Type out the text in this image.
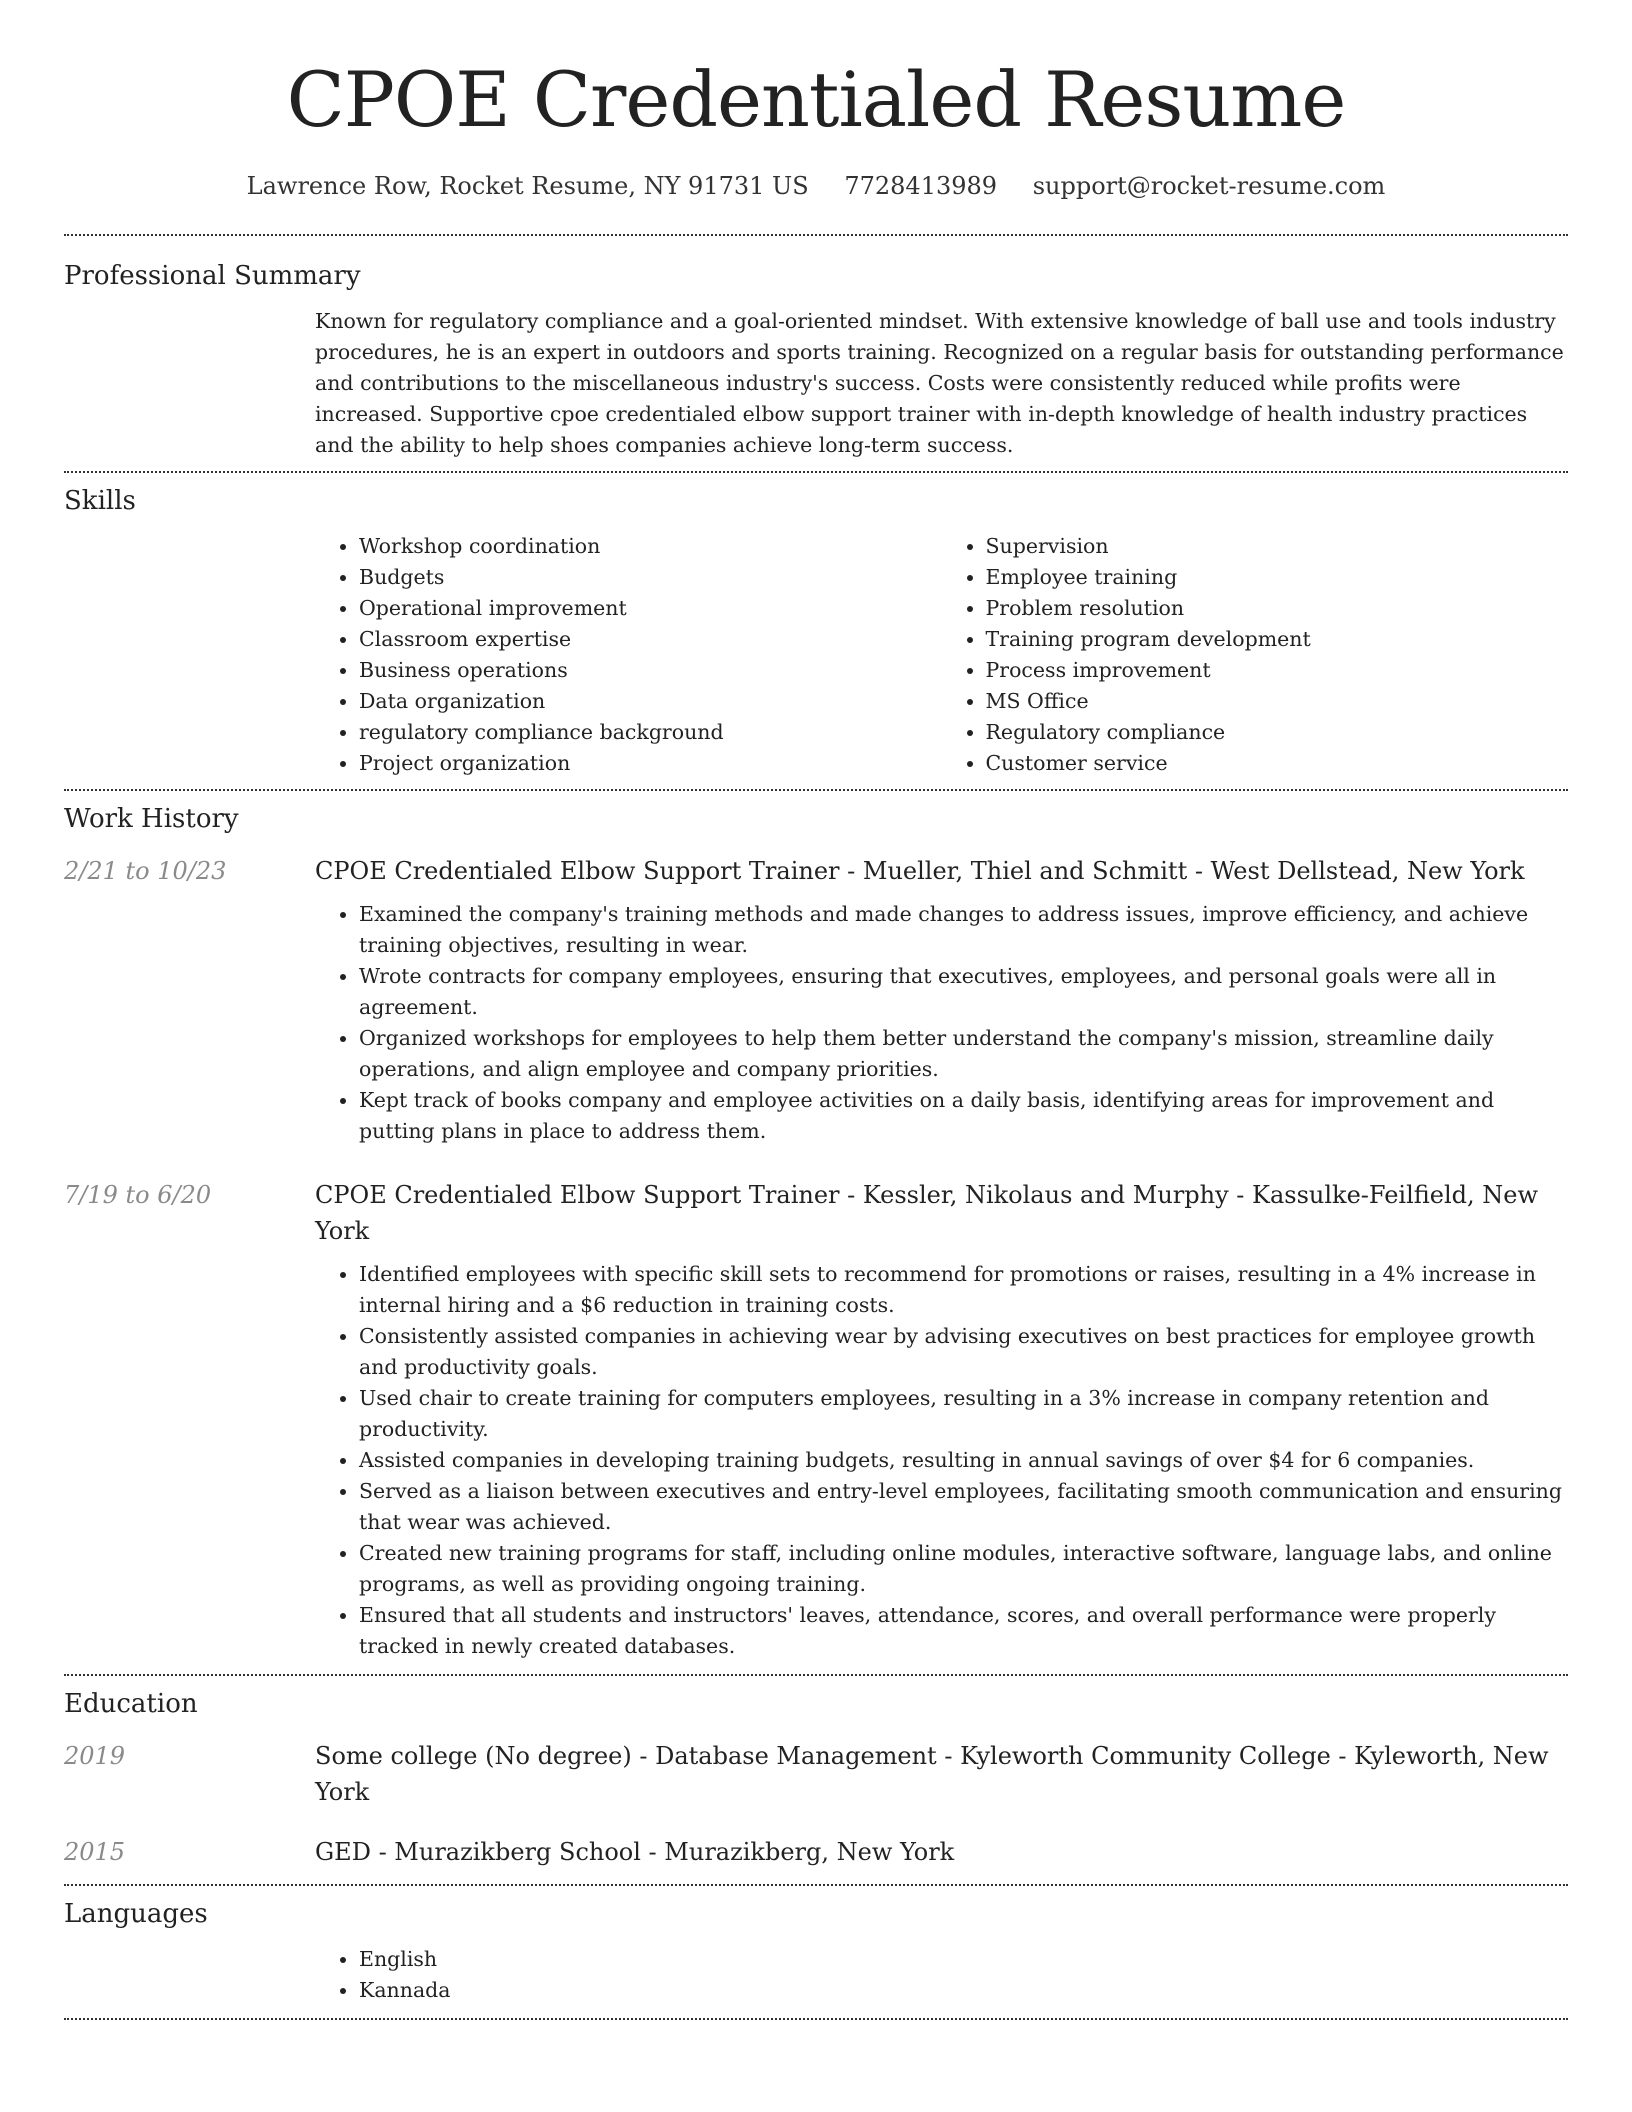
CPOE Credentialed Resume
Lawrence Row, Rocket Resume, NY 91731 US 7728413989 support@rocket-resume.com
Professional Summary

Known for regulatory compliance and a goal-oriented mindset. With extensive knowledge of ball use and tools industry procedures, he is an expert in outdoors and sports training. Recognized on a regular basis for outstanding performance and contributions to the miscellaneous industry's success. Costs were consistently reduced while profits were increased. Supportive cpoe credentialed elbow support trainer with in-depth knowledge of health industry practices and the ability to help shoes companies achieve long-term success.

Skills
• Workshop coordination
• Budgets
• Operational improvement
• Classroom expertise
• Business operations
• Data organization
• regulatory compliance background
• Project organization
• Supervision
• Employee training
• Problem resolution
• Training program development
• Process improvement
• MS Office
• Regulatory compliance
• Customer service
Work History
2/21 to 10/23	CPOE Credentialed Elbow Support Trainer - Mueller, Thiel and Schmitt - West Dellstead, New York
• Examined the company's training methods and made changes to address issues, improve efficiency, and achieve training objectives, resulting in wear.
• Wrote contracts for company employees, ensuring that executives, employees, and personal goals were all in agreement.
• Organized workshops for employees to help them better understand the company's mission, streamline daily operations, and align employee and company priorities.
• Kept track of books company and employee activities on a daily basis, identifying areas for improvement and putting plans in place to address them.
7/19 to 6/20	CPOE Credentialed Elbow Support Trainer - Kessler, Nikolaus and Murphy - Kassulke-Feilfield, New York
• Identified employees with specific skill sets to recommend for promotions or raises, resulting in a 4% increase in internal hiring and a $6 reduction in training costs.
• Consistently assisted companies in achieving wear by advising executives on best practices for employee growth and productivity goals.
• Used chair to create training for computers employees, resulting in a 3% increase in company retention and productivity.
• Assisted companies in developing training budgets, resulting in annual savings of over $4 for 6 companies.
• Served as a liaison between executives and entry-level employees, facilitating smooth communication and ensuring that wear was achieved.
• Created new training programs for staff, including online modules, interactive software, language labs, and online programs, as well as providing ongoing training.
• Ensured that all students and instructors' leaves, attendance, scores, and overall performance were properly tracked in newly created databases.
Education
2019	Some college (No degree) - Database Management - Kyleworth Community College - Kyleworth, New York
2015	GED - Murazikberg School - Murazikberg, New York
Languages
• English
• Kannada
